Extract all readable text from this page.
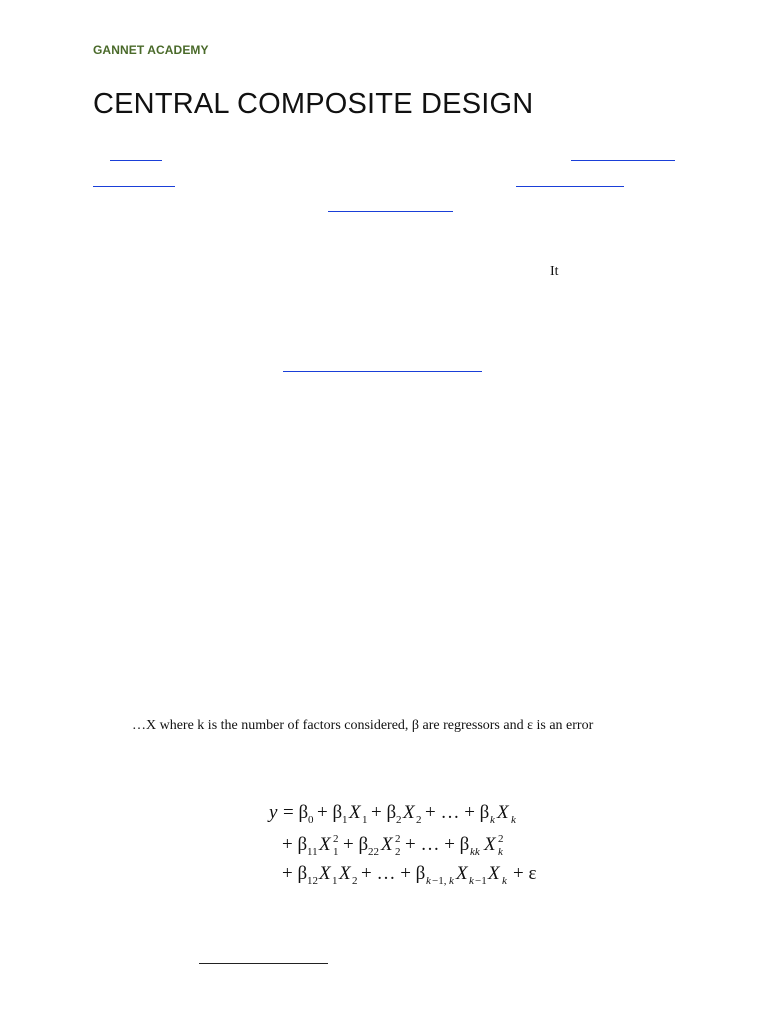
GANNET ACADEMY
CENTRAL COMPOSITE DESIGN
It
…X where k is the number of factors considered, β are regressors and ε is an error
y = β 0 + β 1 X 1 + β 2 X 2 + … + β k X k
+ β 11 X 2
1 + β 22 X 2
2 + … + β kk X 2
k
+ β 12 X 1 X 2 + … + β k −1, k X k −1 X k + ε
